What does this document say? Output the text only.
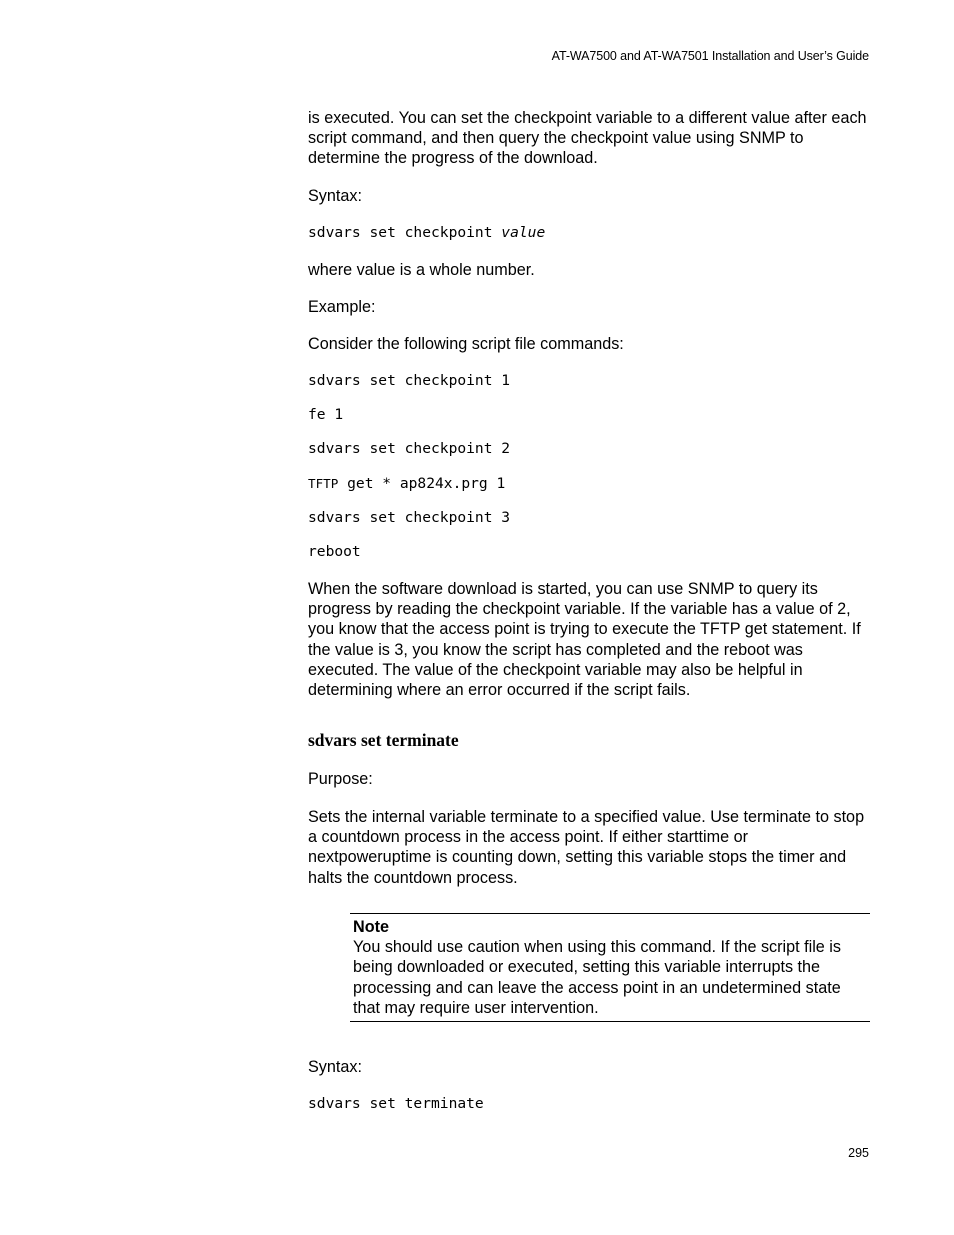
AT-WA7500 and AT-WA7501 Installation and User’s Guide

is executed. You can set the checkpoint variable to a different value after each script command, and then query the checkpoint value using SNMP to determine the progress of the download.

Syntax:

sdvars set checkpoint value

where value is a whole number.

Example:

Consider the following script file commands:

sdvars set checkpoint 1

fe 1

sdvars set checkpoint 2

TFTP get * ap824x.prg 1

sdvars set checkpoint 3

reboot

When the software download is started, you can use SNMP to query its progress by reading the checkpoint variable. If the variable has a value of 2, you know that the access point is trying to execute the TFTP get statement. If the value is 3, you know the script has completed and the reboot was executed. The value of the checkpoint variable may also be helpful in determining where an error occurred if the script fails.

sdvars set terminate

Purpose:

Sets the internal variable terminate to a specified value. Use terminate to stop a countdown process in the access point. If either starttime or nextpoweruptime is counting down, setting this variable stops the timer and halts the countdown process.

Note
You should use caution when using this command. If the script file is being downloaded or executed, setting this variable interrupts the processing and can leave the access point in an undetermined state that may require user intervention.

Syntax:

sdvars set terminate

295
